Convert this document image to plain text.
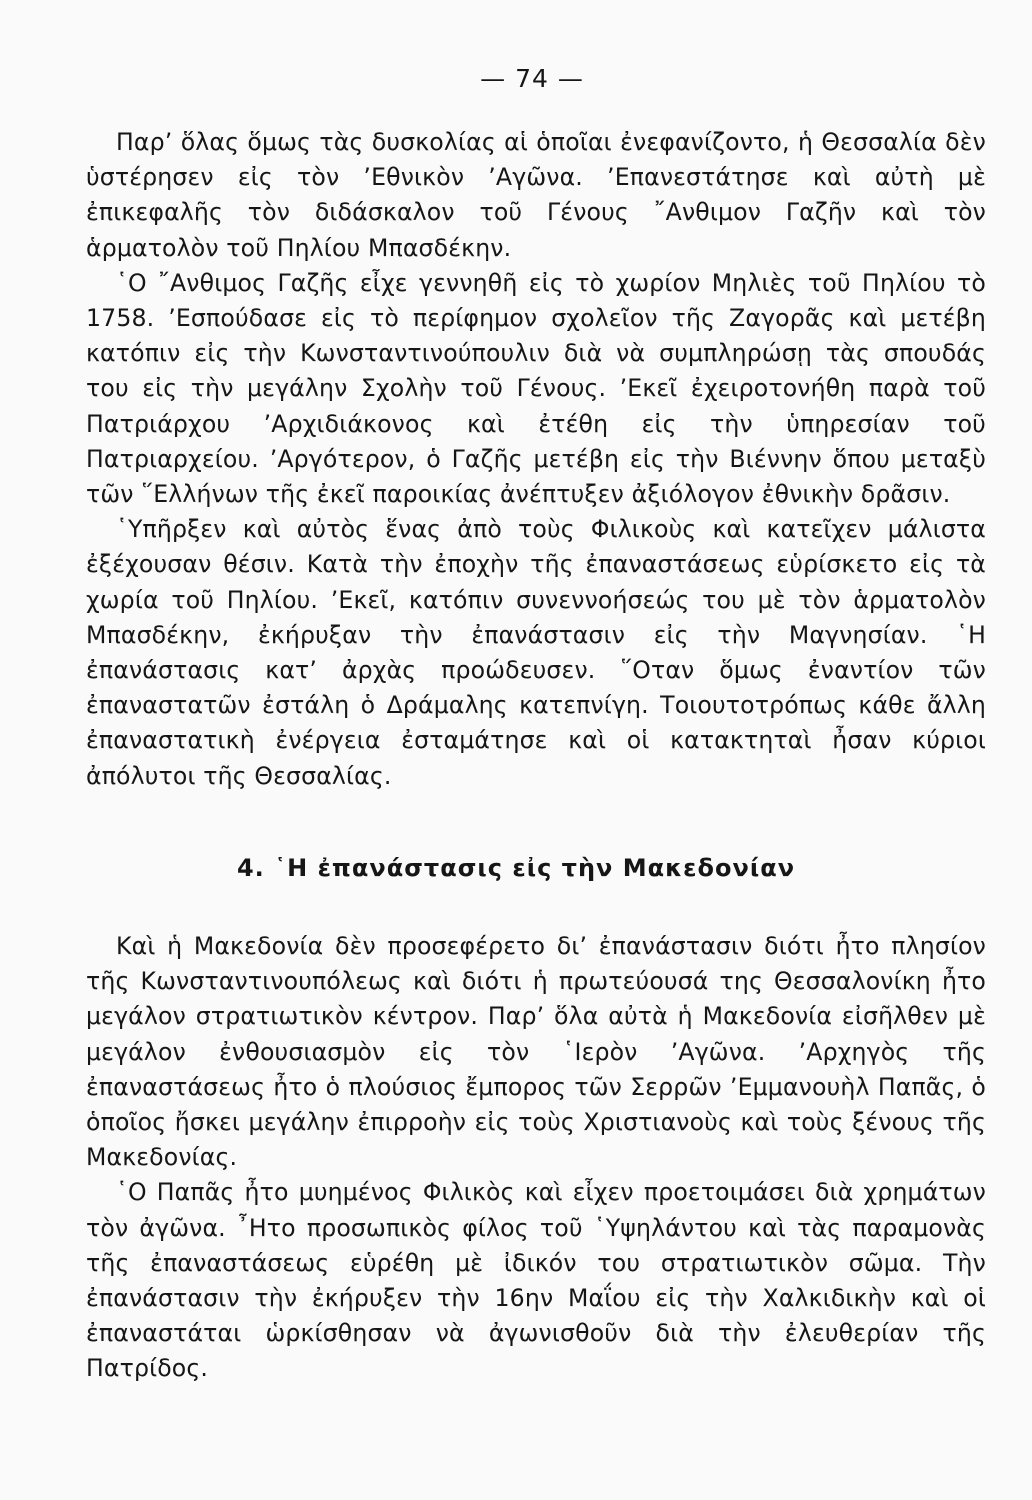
— 74 —

Παρ’ ὅλας ὅμως τὰς δυσκολίας αἱ ὁποῖαι ἐνεφανίζοντο, ἡ Θεσσαλία δὲν ὑστέρησεν εἰς τὸν ’Εθνικὸν ’Αγῶνα. ’Επανεστάτησε καὶ αὐτὴ μὲ ἐπικεφαλῆς τὸν διδάσκαλον τοῦ Γένους ῎Ανθιμον Γαζῆν καὶ τὸν ἁρματολὸν τοῦ Πηλίου Μπασδέκην.

῾Ο ῎Ανθιμος Γαζῆς εἶχε γεννηθῆ εἰς τὸ χωρίον Μηλιὲς τοῦ Πηλίου τὸ 1758. ’Εσπούδασε εἰς τὸ περίφημον σχολεῖον τῆς Ζαγορᾶς καὶ μετέβη κατόπιν εἰς τὴν Κωνσταντινούπουλιν διὰ νὰ συμπληρώσῃ τὰς σπουδάς του εἰς τὴν μεγάλην Σχολὴν τοῦ Γένους. ’Εκεῖ ἐχειροτονήθη παρὰ τοῦ Πατριάρχου ’Αρχιδιάκονος καὶ ἐτέθη εἰς τὴν ὑπηρεσίαν τοῦ Πατριαρχείου. ’Αργότερον, ὁ Γαζῆς μετέβη εἰς τὴν Βιέννην ὅπου μεταξὺ τῶν ῞Ελλήνων τῆς ἐκεῖ παροικίας ἀνέπτυξεν ἀξιόλογον ἐθνικὴν δρᾶσιν.

῾Υπῆρξεν καὶ αὐτὸς ἕνας ἀπὸ τοὺς Φιλικοὺς καὶ κατεῖχεν μάλιστα ἐξέχουσαν θέσιν. Κατὰ τὴν ἐποχὴν τῆς ἐπαναστάσεως εὑρίσκετο εἰς τὰ χωρία τοῦ Πηλίου. ’Εκεῖ, κατόπιν συνεννοήσεώς του μὲ τὸν ἁρματολὸν Μπασδέκην, ἐκήρυξαν τὴν ἐπανάστασιν εἰς τὴν Μαγνησίαν. ῾Η ἐπανάστασις κατ’ ἀρχὰς προώδευσεν. ῞Οταν ὅμως ἐναντίον τῶν ἐπαναστατῶν ἐστάλη ὁ Δράμαλης κατεπνίγη. Τοιουτοτρόπως κάθε ἄλλη ἐπαναστατικὴ ἐνέργεια ἐσταμάτησε καὶ οἱ κατακτηταὶ ἦσαν κύριοι ἀπόλυτοι τῆς Θεσσαλίας.

4. ῾Η ἐπανάστασις εἰς τὴν Μακεδονίαν

Καὶ ἡ Μακεδονία δὲν προσεφέρετο δι’ ἐπανάστασιν διότι ἦτο πλησίον τῆς Κωνσταντινουπόλεως καὶ διότι ἡ πρωτεύουσά της Θεσσαλονίκη ἦτο μεγάλον στρατιωτικὸν κέντρον. Παρ’ ὅλα αὐτὰ ἡ Μακεδονία εἰσῆλθεν μὲ μεγάλον ἐνθουσιασμὸν εἰς τὸν ῾Ιερὸν ’Αγῶνα. ’Αρχηγὸς τῆς ἐπαναστάσεως ἦτο ὁ πλούσιος ἔμπορος τῶν Σερρῶν ’Εμμανουὴλ Παπᾶς, ὁ ὁποῖος ἤσκει μεγάλην ἐπιρροὴν εἰς τοὺς Χριστιανοὺς καὶ τοὺς ξένους τῆς Μακεδονίας.

῾Ο Παπᾶς ἦτο μυημένος Φιλικὸς καὶ εἶχεν προετοιμάσει διὰ χρημάτων τὸν ἀγῶνα. ῏Ητο προσωπικὸς φίλος τοῦ ῾Υψηλάντου καὶ τὰς παραμονὰς τῆς ἐπαναστάσεως εὑρέθη μὲ ἰδικόν του στρατιωτικὸν σῶμα. Τὴν ἐπανάστασιν τὴν ἐκήρυξεν τὴν 16ην Μαΐου εἰς τὴν Χαλκιδικὴν καὶ οἱ ἐπαναστάται ὡρκίσθησαν νὰ ἀγωνισθοῦν διὰ τὴν ἐλευθερίαν τῆς Πατρίδος.
